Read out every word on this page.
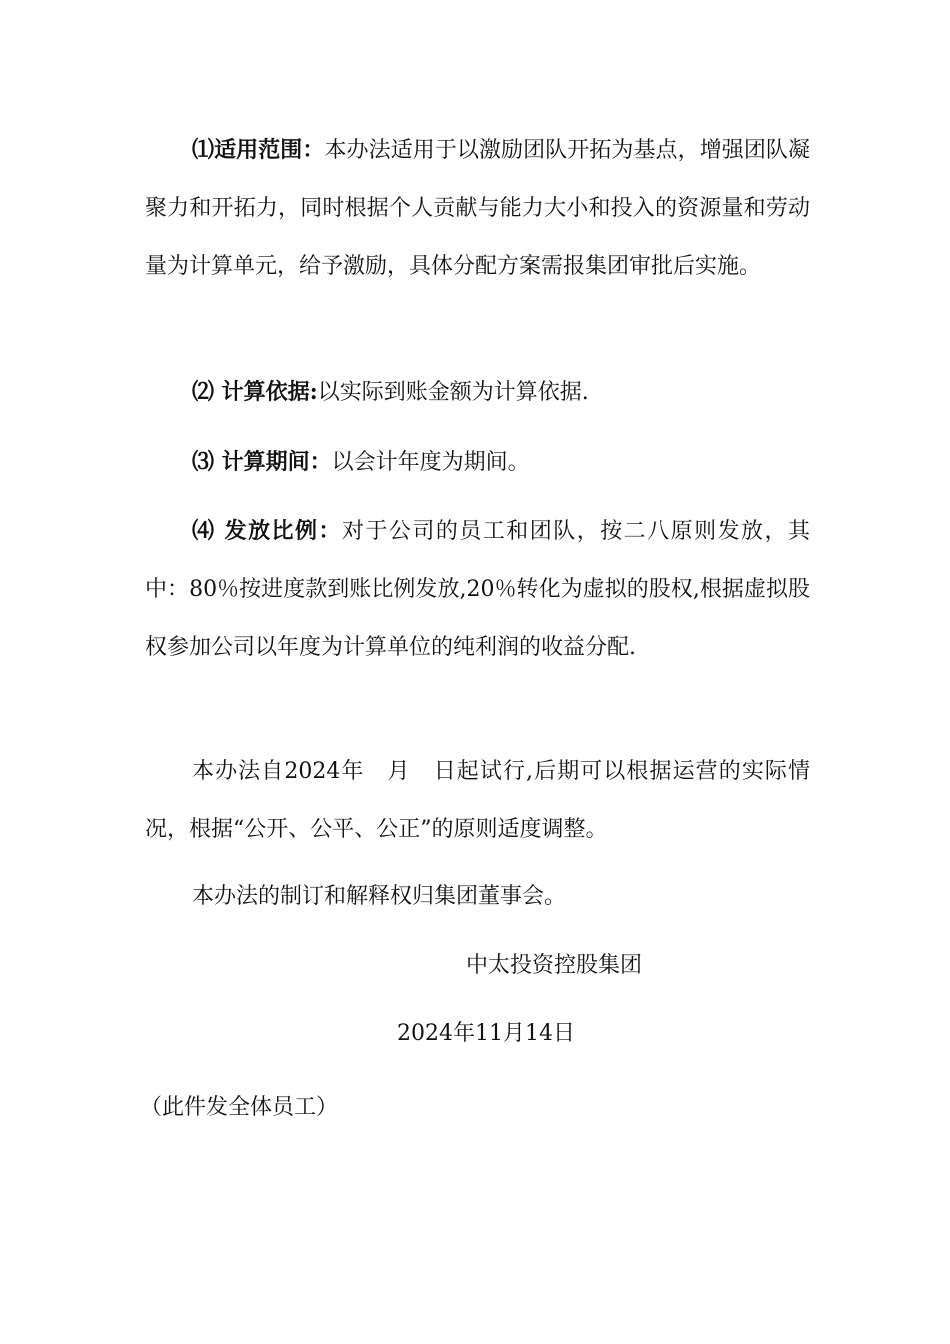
⑴适用范围：本办法适用于以激励团队开拓为基点，增强团队凝聚力和开拓力，同时根据个人贡献与能力大小和投入的资源量和劳动量为计算单元，给予激励，具体分配方案需报集团审批后实施。

⑵ 计算依据:以实际到账金额为计算依据.

⑶ 计算期间：以会计年度为期间。

⑷ 发放比例：对于公司的员工和团队，按二八原则发放，其中：80％按进度款到账比例发放,20％转化为虚拟的股权,根据虚拟股权参加公司以年度为计算单位的纯利润的收益分配.

本办法自2024年　月　日起试行,后期可以根据运营的实际情况，根据“公开、公平、公正”的原则适度调整。

本办法的制订和解释权归集团董事会。

中太投资控股集团

2024年11月14日

（此件发全体员工）
